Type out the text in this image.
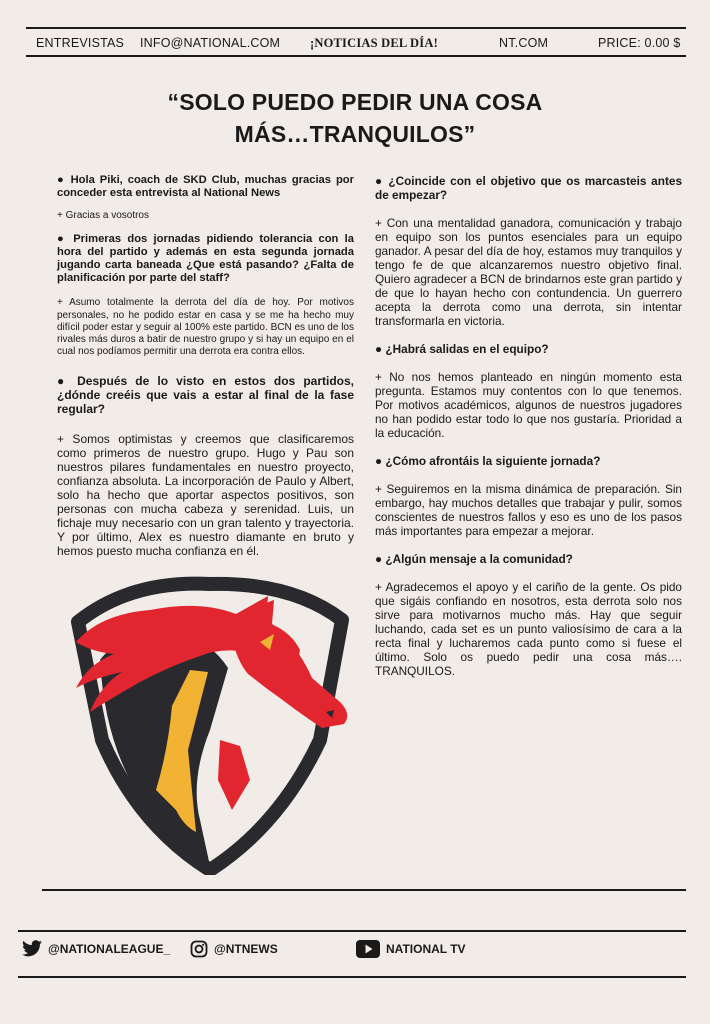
ENTREVISTAS INFO@NATIONAL.COM ¡NOTICIAS DEL DÍA!	NT.COM	PRICE: 0.00 $
“SOLO PUEDO PEDIR UNA COSA
MÁS…TRANQUILOS”

● Hola Piki, coach de SKD Club, muchas gracias por conceder esta entrevista al National News

+ Gracias a vosotros

● Primeras dos jornadas pidiendo tolerancia con la hora del partido y además en esta segunda jornada jugando carta baneada ¿Que está pasando? ¿Falta de planificación por parte del staff?

+ Asumo totalmente la derrota del día de hoy. Por motivos personales, no he podido estar en casa y se me ha hecho muy difícil poder estar y seguir al 100% este partido. BCN es uno de los rivales más duros a batir de nuestro grupo y si hay un equipo en el cual nos podíamos permitir una derrota era contra ellos.

● Después de lo visto en estos dos partidos, ¿dónde creéis que vais a estar al final de la fase regular?

+ Somos optimistas y creemos que clasificaremos como primeros de nuestro grupo. Hugo y Pau son nuestros pilares fundamentales en nuestro proyecto, confianza absoluta. La incorporación de Paulo y Albert, solo ha hecho que aportar aspectos positivos, son personas con mucha cabeza y serenidad. Luis, un fichaje muy necesario con un gran talento y trayectoria. Y por último, Alex es nuestro diamante en bruto y hemos puesto mucha confianza en él.

● ¿Coincide con el objetivo que os marcasteis antes de empezar?

+ Con una mentalidad ganadora, comunicación y trabajo en equipo son los puntos esenciales para un equipo ganador. A pesar del día de hoy, estamos muy tranquilos y tengo fe de que alcanzaremos nuestro objetivo final. Quiero agradecer a BCN de brindarnos este gran partido y de que lo hayan hecho con contundencia. Un guerrero acepta la derrota como una derrota, sin intentar transformarla en victoria.

● ¿Habrá salidas en el equipo?

+ No nos hemos planteado en ningún momento esta pregunta. Estamos muy contentos con lo que tenemos. Por motivos académicos, algunos de nuestros jugadores no han podido estar todo lo que nos gustaría. Prioridad a la educación.

● ¿Cómo afrontáis la siguiente jornada?

+ Seguiremos en la misma dinámica de preparación. Sin embargo, hay muchos detalles que trabajar y pulir, somos conscientes de nuestros fallos y eso es uno de los pasos más importantes para empezar a mejorar.

● ¿Algún mensaje a la comunidad?

+ Agradecemos el apoyo y el cariño de la gente. Os pido que sigáis confiando en nosotros, esta derrota solo nos sirve para motivarnos mucho más. Hay que seguir luchando, cada set es un punto valiosísimo de cara a la recta final y lucharemos cada punto como si fuese el último. Solo os puedo pedir una cosa más…. TRANQUILOS.

@NATIONALEAGUE_	@NTNEWS	NATIONAL TV
